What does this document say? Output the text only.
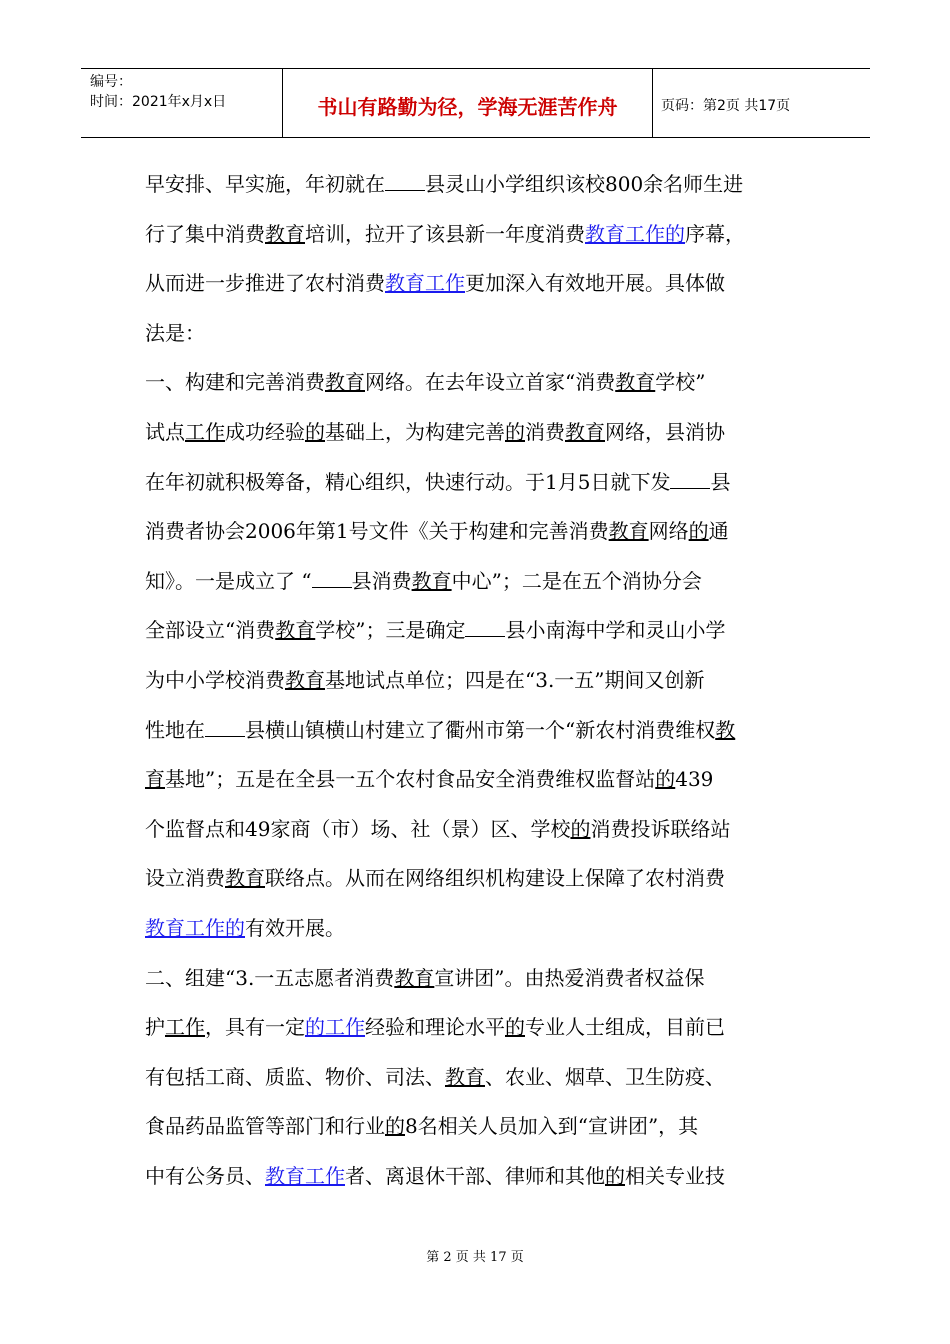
编号：
时间：2021年x月x日	书山有路勤为径，学海无涯苦作舟	页码：第2页 共17页
早安排、早实施，年初就在 县灵山小学组织该校800余名师生进
行了集中消费教育培训，拉开了该县新一年度消费教育工作的序幕，
从而进一步推进了农村消费教育工作更加深入有效地开展。具体做
法是：
一、构建和完善消费教育网络。在去年设立首家“消费教育学校”
试点工作成功经验的基础上，为构建完善的消费教育网络，县消协
在年初就积极筹备，精心组织，快速行动。于1月5日就下发 县
消费者协会2006年第1号文件《关于构建和完善消费教育网络的通
知》。一是成立了 “ 县消费教育中心”；二是在五个消协分会
全部设立“消费教育学校”；三是确定 县小南海中学和灵山小学
为中小学校消费教育基地试点单位；四是在“3.一五”期间又创新
性地在 县横山镇横山村建立了衢州市第一个“新农村消费维权教
育基地”；五是在全县一五个农村食品安全消费维权监督站的439
个监督点和49家商（市）场、社（景）区、学校的消费投诉联络站
设立消费教育联络点。从而在网络组织机构建设上保障了农村消费
教育工作的有效开展。
二、组建“3.一五志愿者消费教育宣讲团”。由热爱消费者权益保
护工作，具有一定的工作经验和理论水平的专业人士组成，目前已
有包括工商、质监、物价、司法、教育、农业、烟草、卫生防疫、
食品药品监管等部门和行业的8名相关人员加入到“宣讲团”，其
中有公务员、教育工作者、离退休干部、律师和其他的相关专业技
第 2 页 共 17 页
